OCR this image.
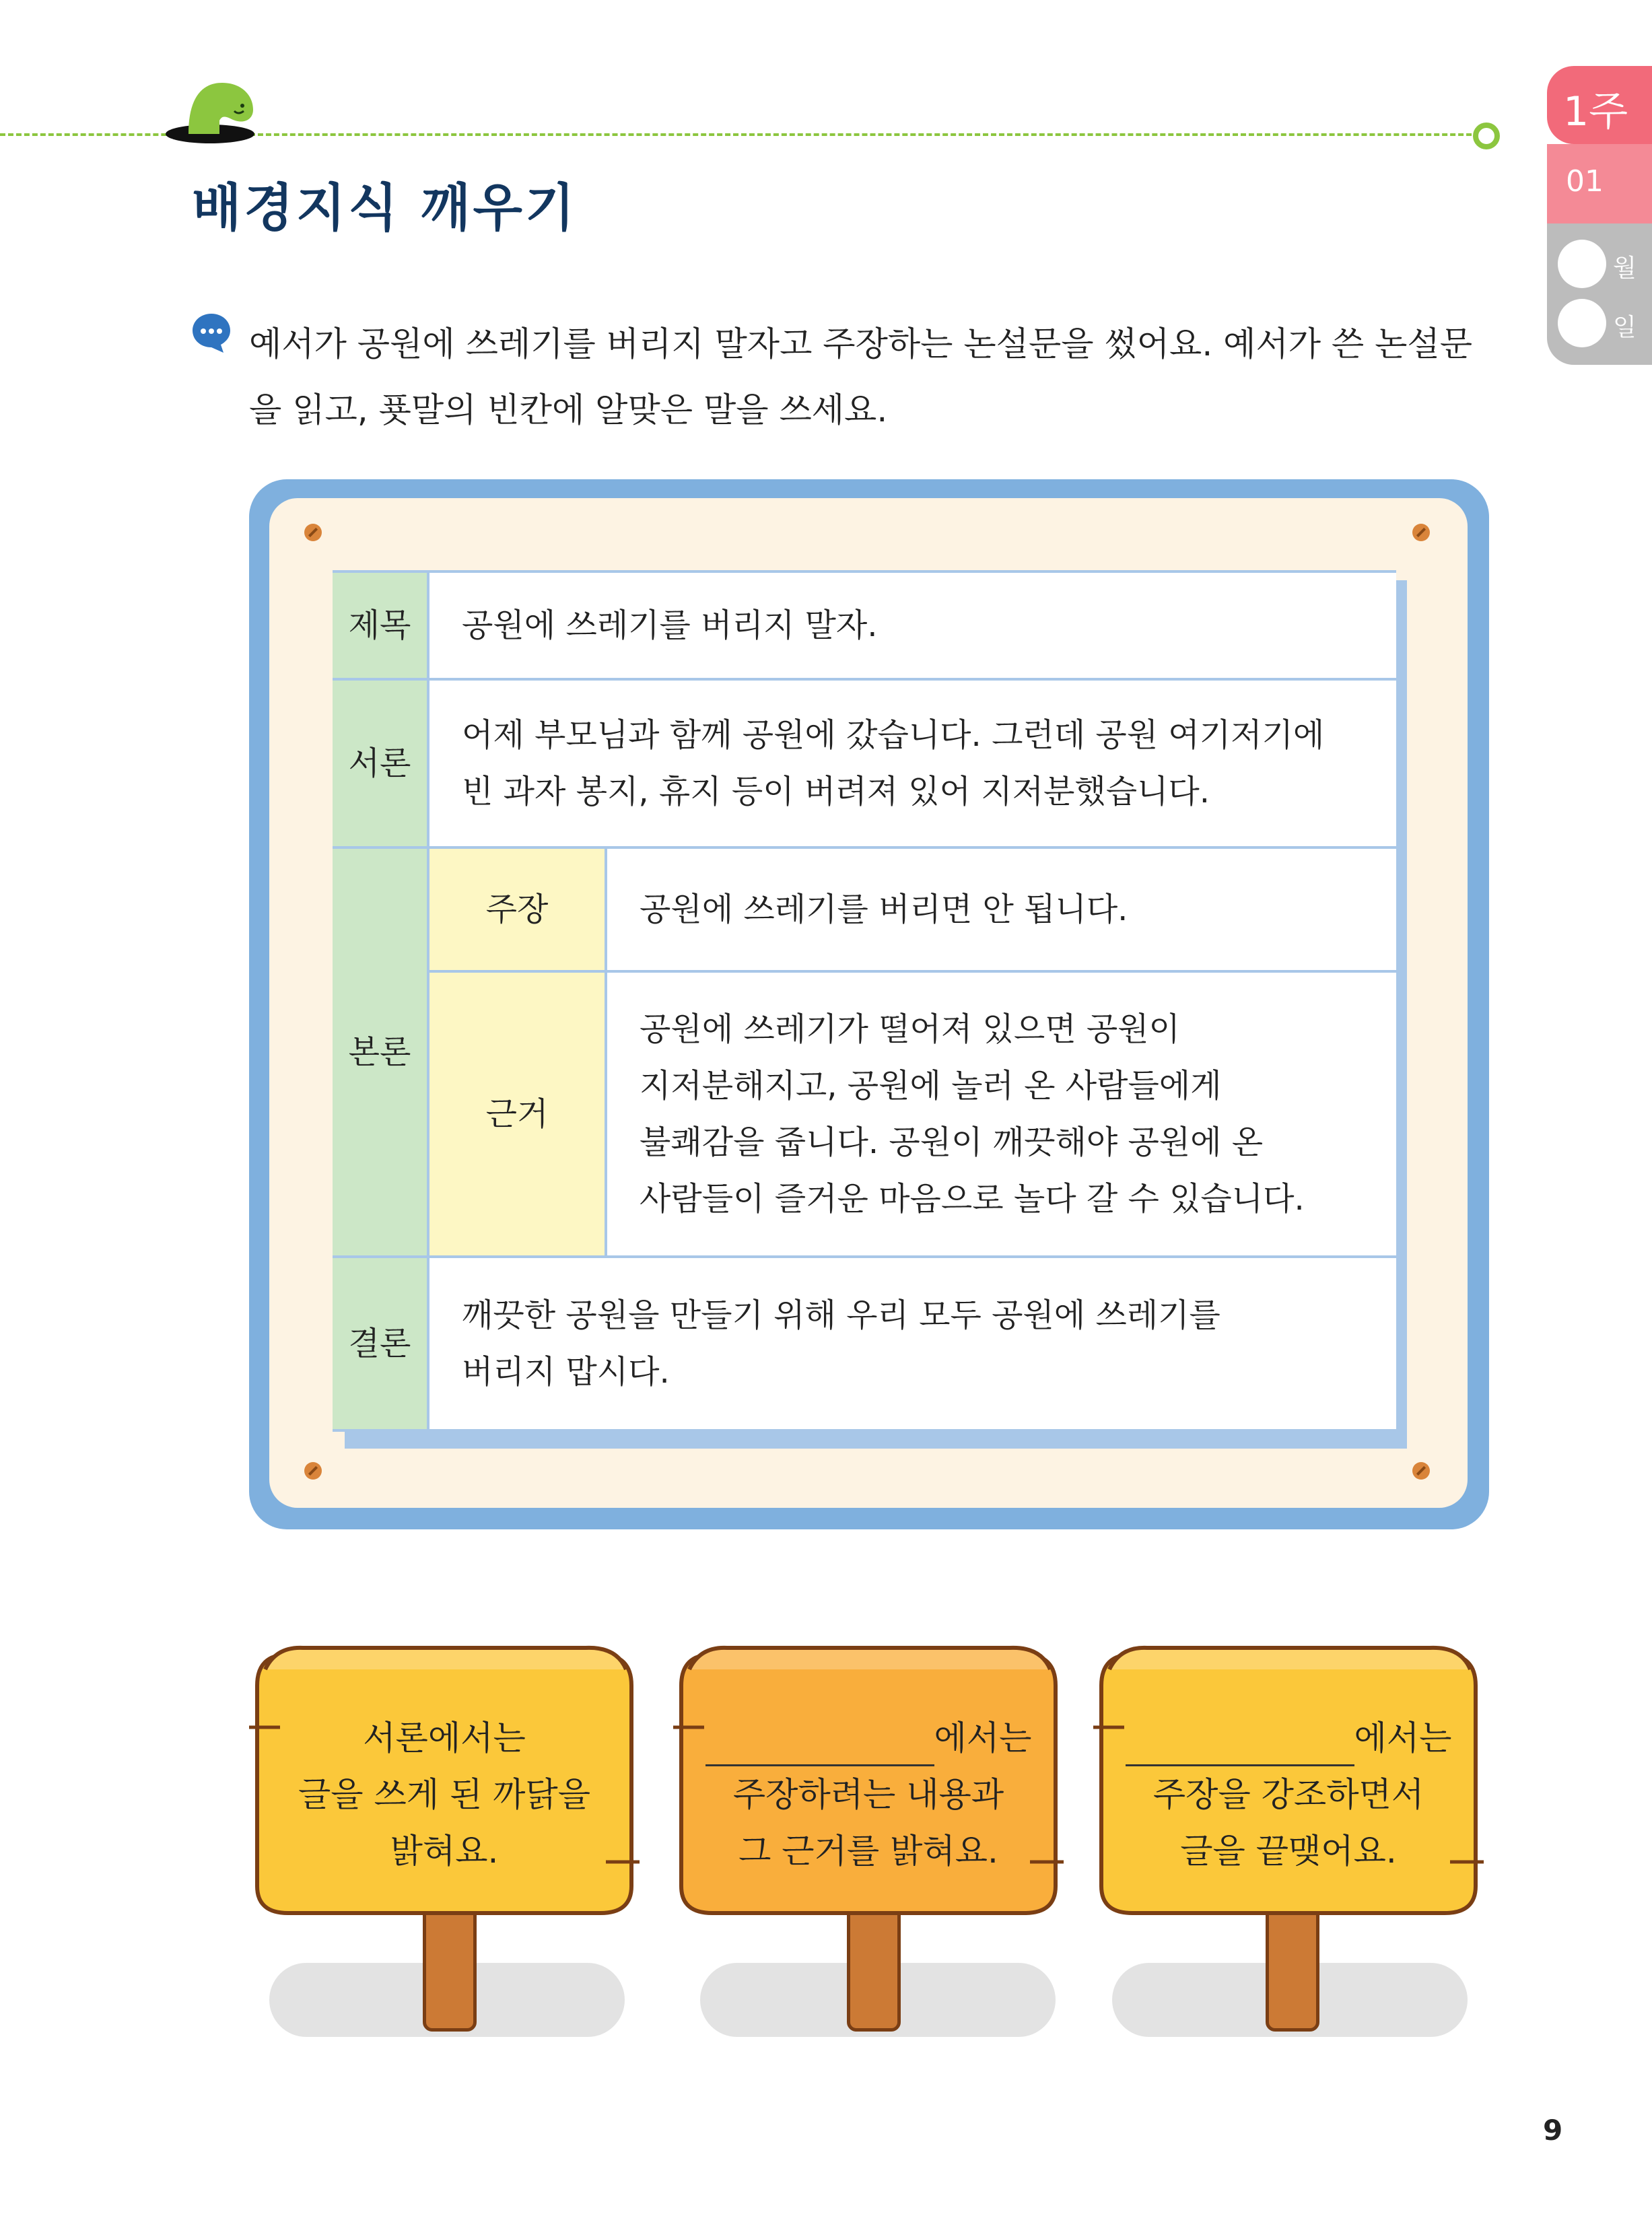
배경지식 깨우기
1주
01
월
일
예서가 공원에 쓰레기를 버리지 말자고 주장하는 논설문을 썼어요. 예서가 쓴 논설문을 읽고, 푯말의 빈칸에 알맞은 말을 쓰세요.
제목	공원에 쓰레기를 버리지 말자.	
서론	어제 부모님과 함께 공원에 갔습니다. 그런데 공원 여기저기에
빈 과자 봉지, 휴지 등이 버려져 있어 지저분했습니다.	

본론	주장	공원에 쓰레기를 버리면 안 됩니다.
	근거	공원에 쓰레기가 떨어져 있으면 공원이
지저분해지고, 공원에 놀러 온 사람들에게
불쾌감을 줍니다. 공원이 깨끗해야 공원에 온
사람들이 즐거운 마음으로 놀다 갈 수 있습니다.

결론	깨끗한 공원을 만들기 위해 우리 모두 공원에 쓰레기를
버리지 맙시다.	
서론에서는
글을 쓰게 된 까닭을
밝혀요.
에서는
주장하려는 내용과
그 근거를 밝혀요.
에서는
주장을 강조하면서
글을 끝맺어요.
9
